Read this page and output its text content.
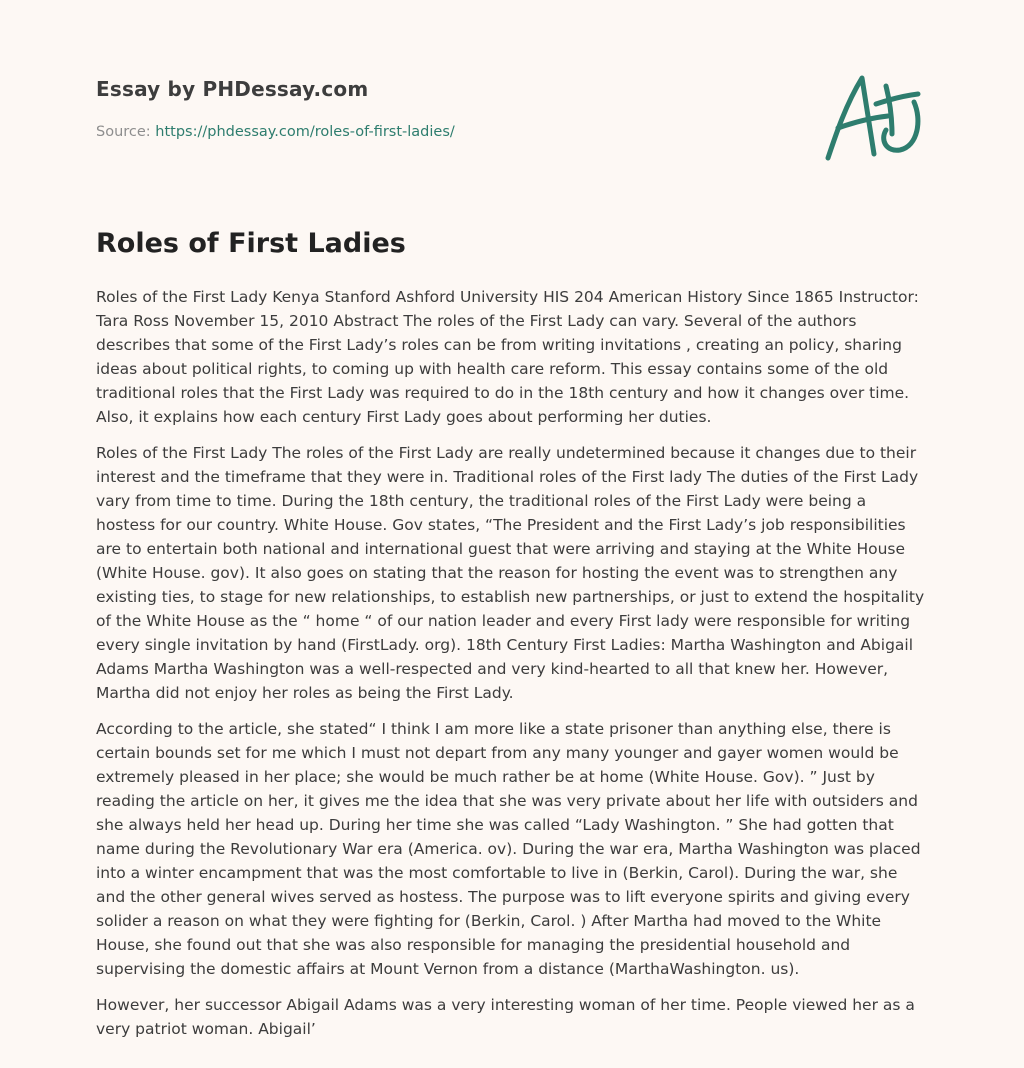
Essay by PHDessay.com
Source: https://phdessay.com/roles-of-first-ladies/
Roles of First Ladies

Roles of the First Lady Kenya Stanford Ashford University HIS 204 American History Since 1865 Instructor: Tara Ross November 15, 2010 Abstract The roles of the First Lady can vary. Several of the authors describes that some of the First Lady’s roles can be from writing invitations , creating an policy, sharing ideas about political rights, to coming up with health care reform. This essay contains some of the old traditional roles that the First Lady was required to do in the 18th century and how it changes over time. Also, it explains how each century First Lady goes about performing her duties.

Roles of the First Lady The roles of the First Lady are really undetermined because it changes due to their interest and the timeframe that they were in. Traditional roles of the First lady The duties of the First Lady vary from time to time. During the 18th century, the traditional roles of the First Lady were being a hostess for our country. White House. Gov states, “The President and the First Lady’s job responsibilities are to entertain both national and international guest that were arriving and staying at the White House (White House. gov). It also goes on stating that the reason for hosting the event was to strengthen any existing ties, to stage for new relationships, to establish new partnerships, or just to extend the hospitality of the White House as the “ home “ of our nation leader and every First lady were responsible for writing every single invitation by hand (FirstLady. org). 18th Century First Ladies: Martha Washington and Abigail Adams Martha Washington was a well-respected and very kind-hearted to all that knew her. However, Martha did not enjoy her roles as being the First Lady.

According to the article, she stated“ I think I am more like a state prisoner than anything else, there is certain bounds set for me which I must not depart from any many younger and gayer women would be extremely pleased in her place; she would be much rather be at home (White House. Gov). ” Just by reading the article on her, it gives me the idea that she was very private about her life with outsiders and she always held her head up. During her time she was called “Lady Washington. ” She had gotten that name during the Revolutionary War era (America. ov). During the war era, Martha Washington was placed into a winter encampment that was the most comfortable to live in (Berkin, Carol). During the war, she and the other general wives served as hostess. The purpose was to lift everyone spirits and giving every solider a reason on what they were fighting for (Berkin, Carol. ) After Martha had moved to the White House, she found out that she was also responsible for managing the presidential household and supervising the domestic affairs at Mount Vernon from a distance (MarthaWashington. us).

However, her successor Abigail Adams was a very interesting woman of her time. People viewed her as a very patriot woman. Abigail’
